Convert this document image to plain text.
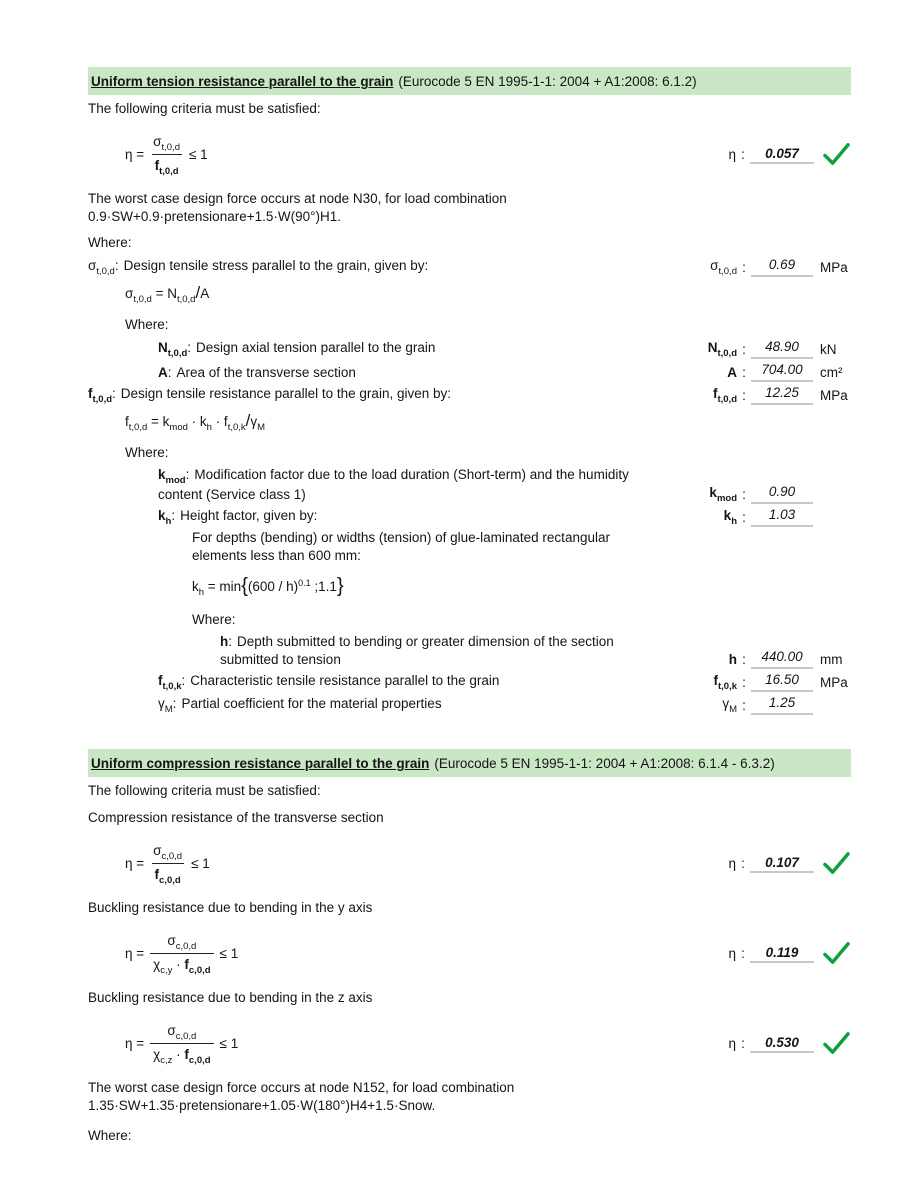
Uniform tension resistance parallel to the grain (Eurocode 5 EN 1995-1-1: 2004 + A1:2008: 6.1.2)

The following criteria must be satisfied:

$\eta = \frac{\sigma_{t,0,d}}{f_{t,0,d}} \le 1$	η :	0.057

The worst case design force occurs at node N30, for load combination
0.9·SW+0.9·pretensionare+1.5·W(90°)H1.

Where:

$\sigma_{t,0,d}$: Design tensile stress parallel to the grain, given by:	$\sigma_{t,0,d}$ :	0.69	MPa
$\sigma_{t,0,d} = N_{t,0,d}/A$

Where:

$N_{t,0,d}$: Design axial tension parallel to the grain	$N_{t,0,d}$ :	48.90	kN
A: Area of the transverse section	A :	704.00	cm²
$f_{t,0,d}$: Design tensile resistance parallel to the grain, given by:	$f_{t,0,d}$ :	12.25	MPa
$f_{t,0,d} = k_{mod} \cdot k_h \cdot f_{t,0,k}/\gamma_M$

Where:

$k_{mod}$: Modification factor due to the load duration (Short-term) and the humidity content (Service class 1)	$k_{mod}$ :	0.90
$k_h$: Height factor, given by:	$k_h$ :	1.03
For depths (bending) or widths (tension) of glue-laminated rectangular elements less than 600 mm:
$k_h = \min\{(600 / h)^{0.1}$ ;1.1}

Where:

h: Depth submitted to bending or greater dimension of the section submitted to tension	h :	440.00	mm
$f_{t,0,k}$: Characteristic tensile resistance parallel to the grain	$f_{t,0,k}$ :	16.50	MPa
$\gamma_M$: Partial coefficient for the material properties	$\gamma_M$ :	1.25
Uniform compression resistance parallel to the grain (Eurocode 5 EN 1995-1-1: 2004 + A1:2008: 6.1.4 - 6.3.2)

The following criteria must be satisfied:

Compression resistance of the transverse section

$\eta = \frac{\sigma_{c,0,d}}{f_{c,0,d}} \le 1$	η :	0.107

Buckling resistance due to bending in the y axis

$\eta = \frac{\sigma_{c,0,d}}{\chi_{c,y} \cdot f_{c,0,d}} \le 1$	η :	0.119

Buckling resistance due to bending in the z axis

$\eta = \frac{\sigma_{c,0,d}}{\chi_{c,z} \cdot f_{c,0,d}} \le 1$	η :	0.530

The worst case design force occurs at node N152, for load combination
1.35·SW+1.35·pretensionare+1.05·W(180°)H4+1.5·Snow.

Where:
